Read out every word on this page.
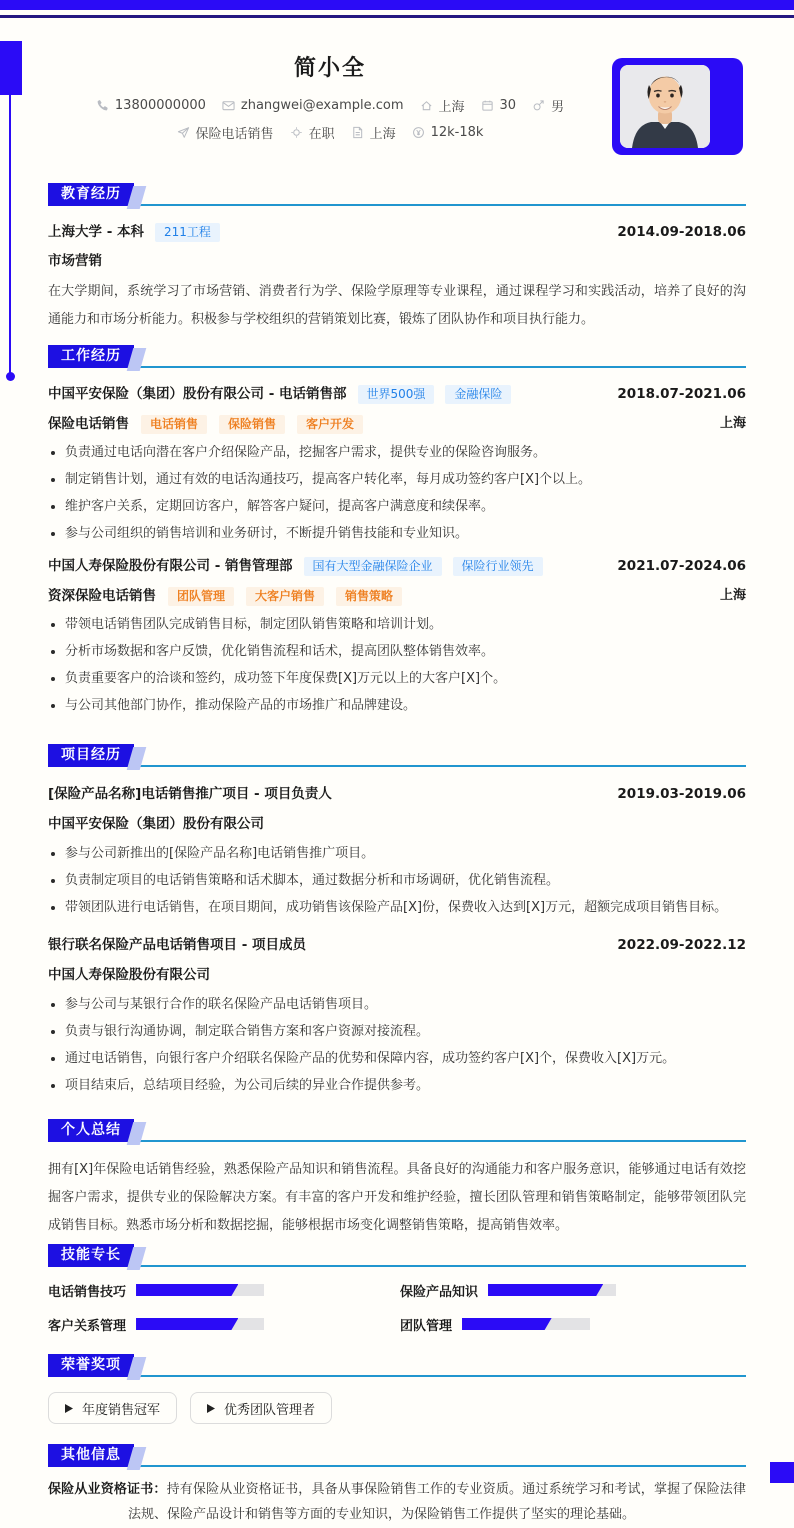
简小全
13800000000	zhangwei@example.com	上海	30	男
保险电话销售	在职	上海	12k-18k
教育经历
上海大学 - 本科	211工程	2014.09-2018.06
市场营销

在大学期间，系统学习了市场营销、消费者行为学、保险学原理等专业课程，通过课程学习和实践活动，培养了良好的沟通能力和市场分析能力。积极参与学校组织的营销策划比赛，锻炼了团队协作和项目执行能力。

工作经历
中国平安保险（集团）股份有限公司 - 电话销售部	世界500强	金融保险	2018.07-2021.06
保险电话销售	电话销售	保险销售	客户开发	上海
负责通过电话向潜在客户介绍保险产品，挖掘客户需求，提供专业的保险咨询服务。
制定销售计划，通过有效的电话沟通技巧，提高客户转化率，每月成功签约客户[X]个以上。
维护客户关系，定期回访客户，解答客户疑问，提高客户满意度和续保率。
参与公司组织的销售培训和业务研讨，不断提升销售技能和专业知识。
中国人寿保险股份有限公司 - 销售管理部	国有大型金融保险企业	保险行业领先	2021.07-2024.06
资深保险电话销售	团队管理	大客户销售	销售策略	上海
带领电话销售团队完成销售目标，制定团队销售策略和培训计划。
分析市场数据和客户反馈，优化销售流程和话术，提高团队整体销售效率。
负责重要客户的洽谈和签约，成功签下年度保费[X]万元以上的大客户[X]个。
与公司其他部门协作，推动保险产品的市场推广和品牌建设。
项目经历
[保险产品名称]电话销售推广项目 - 项目负责人	2019.03-2019.06
中国平安保险（集团）股份有限公司
参与公司新推出的[保险产品名称]电话销售推广项目。
负责制定项目的电话销售策略和话术脚本，通过数据分析和市场调研，优化销售流程。
带领团队进行电话销售，在项目期间，成功销售该保险产品[X]份，保费收入达到[X]万元，超额完成项目销售目标。
银行联名保险产品电话销售项目 - 项目成员	2022.09-2022.12
中国人寿保险股份有限公司
参与公司与某银行合作的联名保险产品电话销售项目。
负责与银行沟通协调，制定联合销售方案和客户资源对接流程。
通过电话销售，向银行客户介绍联名保险产品的优势和保障内容，成功签约客户[X]个，保费收入[X]万元。
项目结束后，总结项目经验，为公司后续的异业合作提供参考。
个人总结

拥有[X]年保险电话销售经验，熟悉保险产品知识和销售流程。具备良好的沟通能力和客户服务意识，能够通过电话有效挖掘客户需求，提供专业的保险解决方案。有丰富的客户开发和维护经验，擅长团队管理和销售策略制定，能够带领团队完成销售目标。熟悉市场分析和数据挖掘，能够根据市场变化调整销售策略，提高销售效率。

技能专长
电话销售技巧	保险产品知识
客户关系管理	团队管理
荣誉奖项
年度销售冠军	优秀团队管理者
其他信息

保险从业资格证书：持有保险从业资格证书，具备从事保险销售工作的专业资质。通过系统学习和考试，掌握了保险法律法规、保险产品设计和销售等方面的专业知识，为保险销售工作提供了坚实的理论基础。
